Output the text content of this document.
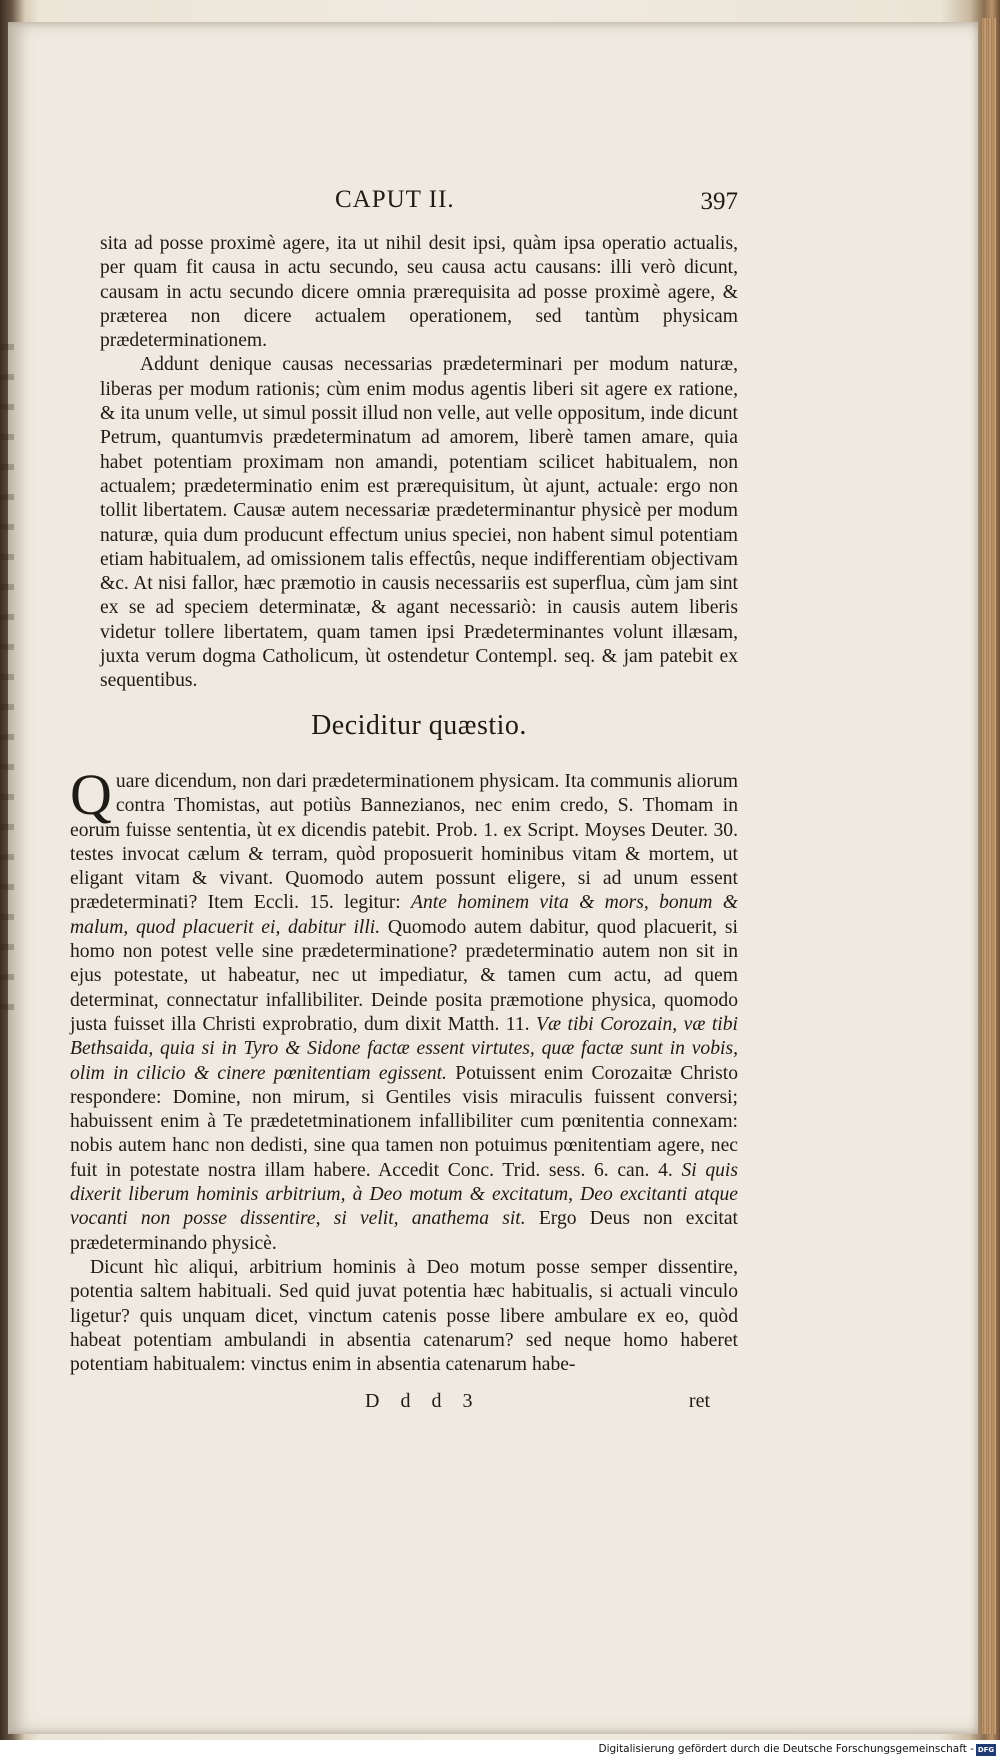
CAPUT II.	397

sita ad posse proximè agere, ita ut nihil desit ipsi, quàm ipsa operatio actualis, per quam fit causa in actu secundo, seu causa actu causans: illi verò dicunt, causam in actu secundo dicere omnia prærequisita ad posse proximè agere, & præterea non dicere actualem operationem, sed tantùm physicam prædeterminationem.

Addunt denique causas necessarias prædeterminari per modum naturæ, liberas per modum rationis; cùm enim modus agentis liberi sit agere ex ratione, & ita unum velle, ut simul possit illud non velle, aut velle oppositum, inde dicunt Petrum, quantumvis prædeterminatum ad amorem, liberè tamen amare, quia habet potentiam proximam non amandi, potentiam scilicet habitualem, non actualem; prædeterminatio enim est prærequisitum, ùt ajunt, actuale: ergo non tollit libertatem. Causæ autem necessariæ prædeterminantur physicè per modum naturæ, quia dum producunt effectum unius speciei, non habent simul potentiam etiam habitualem, ad omissionem talis effectûs, neque indifferentiam objectivam &c. At nisi fallor, hæc præmotio in causis necessariis est superflua, cùm jam sint ex se ad speciem determinatæ, & agant necessariò: in causis autem liberis videtur tollere libertatem, quam tamen ipsi Prædeterminantes volunt illæsam, juxta verum dogma Catholicum, ùt ostendetur Contempl. seq. & jam patebit ex sequentibus.

Deciditur quæstio.

Quare dicendum, non dari prædeterminationem physicam. Ita communis aliorum contra Thomistas, aut potiùs Bannezianos, nec enim credo, S. Thomam in eorum fuisse sententia, ùt ex dicendis patebit. Prob. 1. ex Script. Moyses Deuter. 30. testes invocat cælum & terram, quòd proposuerit hominibus vitam & mortem, ut eligant vitam & vivant. Quomodo autem possunt eligere, si ad unum essent prædeterminati? Item Eccli. 15. legitur: Ante hominem vita & mors, bonum & malum, quod placuerit ei, dabitur illi. Quomodo autem dabitur, quod placuerit, si homo non potest velle sine prædeterminatione? prædeterminatio autem non sit in ejus potestate, ut habeatur, nec ut impediatur, & tamen cum actu, ad quem determinat, connectatur infallibiliter. Deinde posita præmotione physica, quomodo justa fuisset illa Christi exprobratio, dum dixit Matth. 11. Væ tibi Corozain, væ tibi Bethsaida, quia si in Tyro & Sidone factæ essent virtutes, quæ factæ sunt in vobis, olim in cilicio & cinere pœnitentiam egissent. Potuissent enim Corozaitæ Christo respondere: Domine, non mirum, si Gentiles visis miraculis fuissent conversi; habuissent enim à Te prædetetminationem infallibiliter cum pœnitentia connexam: nobis autem hanc non dedisti, sine qua tamen non potuimus pœnitentiam agere, nec fuit in potestate nostra illam habere. Accedit Conc. Trid. sess. 6. can. 4. Si quis dixerit liberum hominis arbitrium, à Deo motum & excitatum, Deo excitanti atque vocanti non posse dissentire, si velit, anathema sit. Ergo Deus non excitat prædeterminando physicè.

Dicunt hìc aliqui, arbitrium hominis à Deo motum posse semper dissentire, potentia saltem habituali. Sed quid juvat potentia hæc habitualis, si actuali vinculo ligetur? quis unquam dicet, vinctum catenis posse libere ambulare ex eo, quòd habeat potentiam ambulandi in absentia catenarum? sed neque homo haberet potentiam habitualem: vinctus enim in absentia catenarum habe-

D d d 3	ret
Digitalisierung gefördert durch die Deutsche Forschungsgemeinschaft - DFG
